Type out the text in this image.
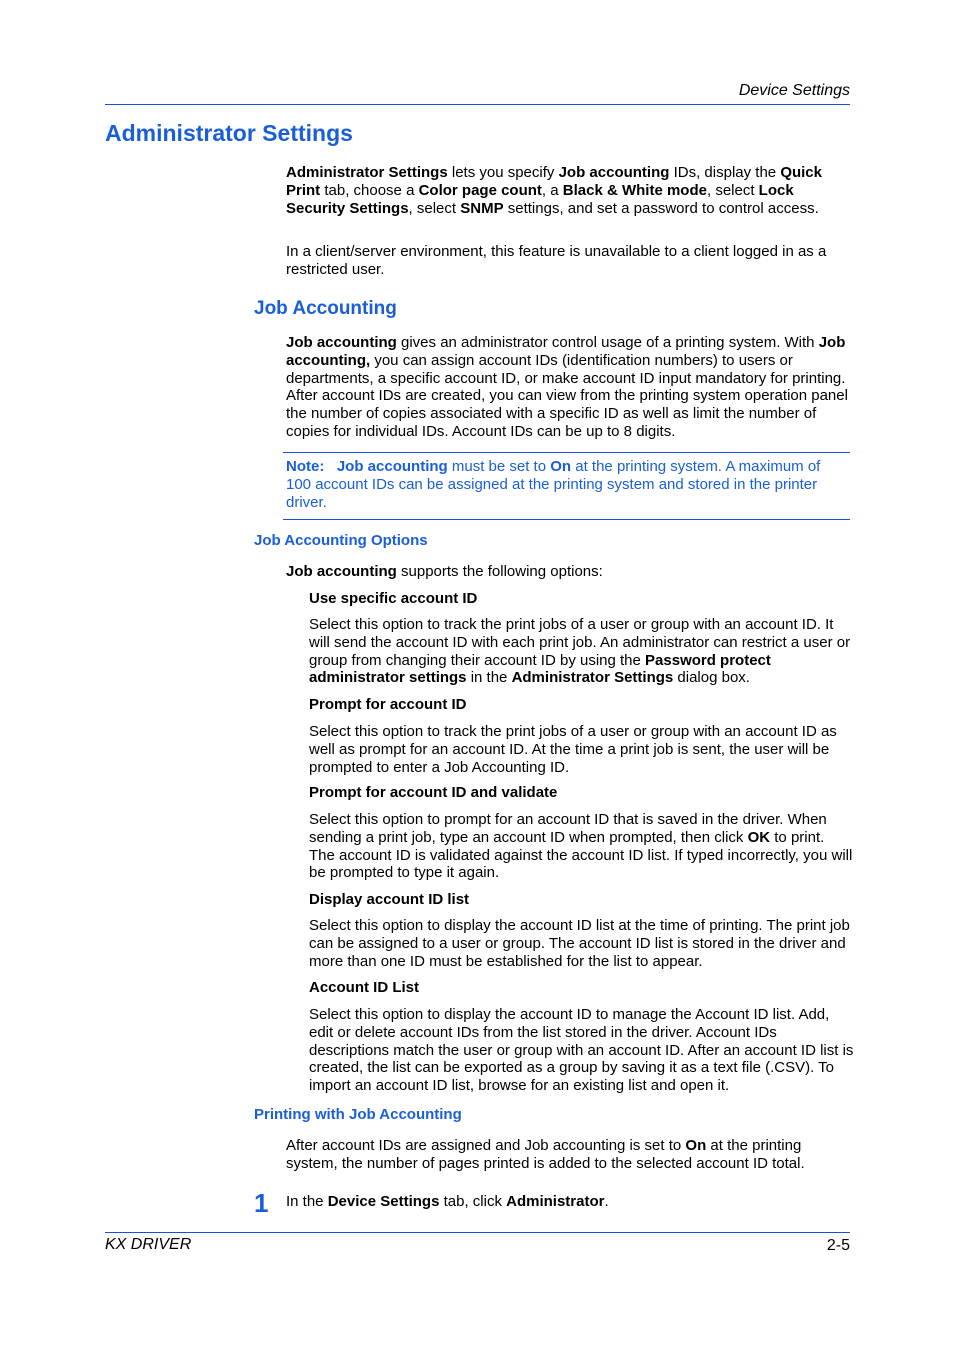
Device Settings
Administrator Settings
Administrator Settings lets you specify Job accounting IDs, display the Quick Print tab, choose a Color page count, a Black & White mode, select Lock Security Settings, select SNMP settings, and set a password to control access.
In a client/server environment, this feature is unavailable to a client logged in as a restricted user.
Job Accounting
Job accounting gives an administrator control usage of a printing system. With Job accounting, you can assign account IDs (identification numbers) to users or departments, a specific account ID, or make account ID input mandatory for printing. After account IDs are created, you can view from the printing system operation panel the number of copies associated with a specific ID as well as limit the number of copies for individual IDs. Account IDs can be up to 8 digits.
Note: Job accounting must be set to On at the printing system. A maximum of 100 account IDs can be assigned at the printing system and stored in the printer driver.
Job Accounting Options
Job accounting supports the following options:
Use specific account ID
Select this option to track the print jobs of a user or group with an account ID. It will send the account ID with each print job. An administrator can restrict a user or group from changing their account ID by using the Password protect administrator settings in the Administrator Settings dialog box.
Prompt for account ID
Select this option to track the print jobs of a user or group with an account ID as well as prompt for an account ID. At the time a print job is sent, the user will be prompted to enter a Job Accounting ID.
Prompt for account ID and validate
Select this option to prompt for an account ID that is saved in the driver. When sending a print job, type an account ID when prompted, then click OK to print. The account ID is validated against the account ID list. If typed incorrectly, you will be prompted to type it again.
Display account ID list
Select this option to display the account ID list at the time of printing. The print job can be assigned to a user or group. The account ID list is stored in the driver and more than one ID must be established for the list to appear.
Account ID List
Select this option to display the account ID to manage the Account ID list. Add, edit or delete account IDs from the list stored in the driver. Account IDs descriptions match the user or group with an account ID. After an account ID list is created, the list can be exported as a group by saving it as a text file (.CSV). To import an account ID list, browse for an existing list and open it.
Printing with Job Accounting
After account IDs are assigned and Job accounting is set to On at the printing system, the number of pages printed is added to the selected account ID total.
1 In the Device Settings tab, click Administrator.
KX DRIVER	2-5
